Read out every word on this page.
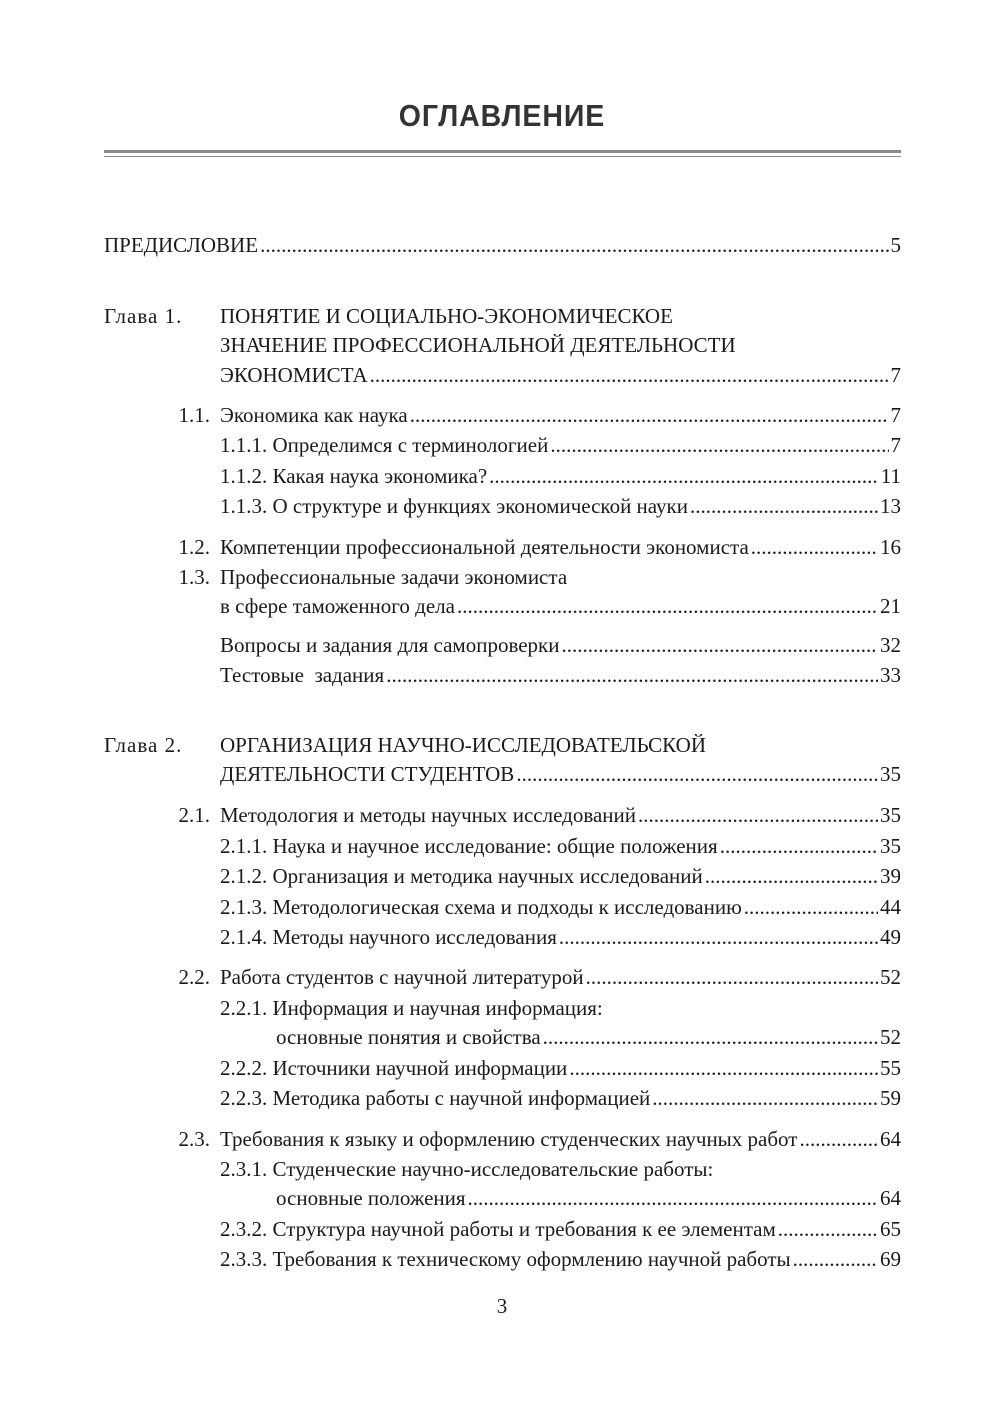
ОГЛАВЛЕНИЕ
ПРЕДИСЛОВИЕ .....	5
Глава 1. ПОНЯТИЕ И СОЦИАЛЬНО-ЭКОНОМИЧЕСКОЕ
ЗНАЧЕНИЕ ПРОФЕССИОНАЛЬНОЙ ДЕЯТЕЛЬНОСТИ
ЭКОНОМИСТА .....	7
1.1. Экономика как наука .....	7
1.1.1. Определимся с терминологией .....	7
1.1.2. Какая наука экономика? .....	11
1.1.3. О структуре и функциях экономической науки .....	13
1.2. Компетенции профессиональной деятельности экономиста .....	16
1.3. Профессиональные задачи экономиста
в сфере таможенного дела .....	21
Вопросы и задания для самопроверки .....	32
Тестовые  задания .....	33
Глава 2. ОРГАНИЗАЦИЯ НАУЧНО-ИССЛЕДОВАТЕЛЬСКОЙ
ДЕЯТЕЛЬНОСТИ СТУДЕНТОВ .....	35
2.1. Методология и методы научных исследований .....	35
2.1.1. Наука и научное исследование: общие положения .....	35
2.1.2. Организация и методика научных исследований .....	39
2.1.3. Методологическая схема и подходы к исследованию .....	44
2.1.4. Методы научного исследования .....	49
2.2. Работа студентов с научной литературой .....	52
2.2.1. Информация и научная информация:
основные понятия и свойства .....	52
2.2.2. Источники научной информации .....	55
2.2.3. Методика работы с научной информацией .....	59
2.3. Требования к языку и оформлению студенческих научных работ .....	64
2.3.1. Студенческие научно-исследовательские работы:
основные положения .....	64
2.3.2. Структура научной работы и требования к ее элементам .....	65
2.3.3. Требования к техническому оформлению научной работы .....	69
3
